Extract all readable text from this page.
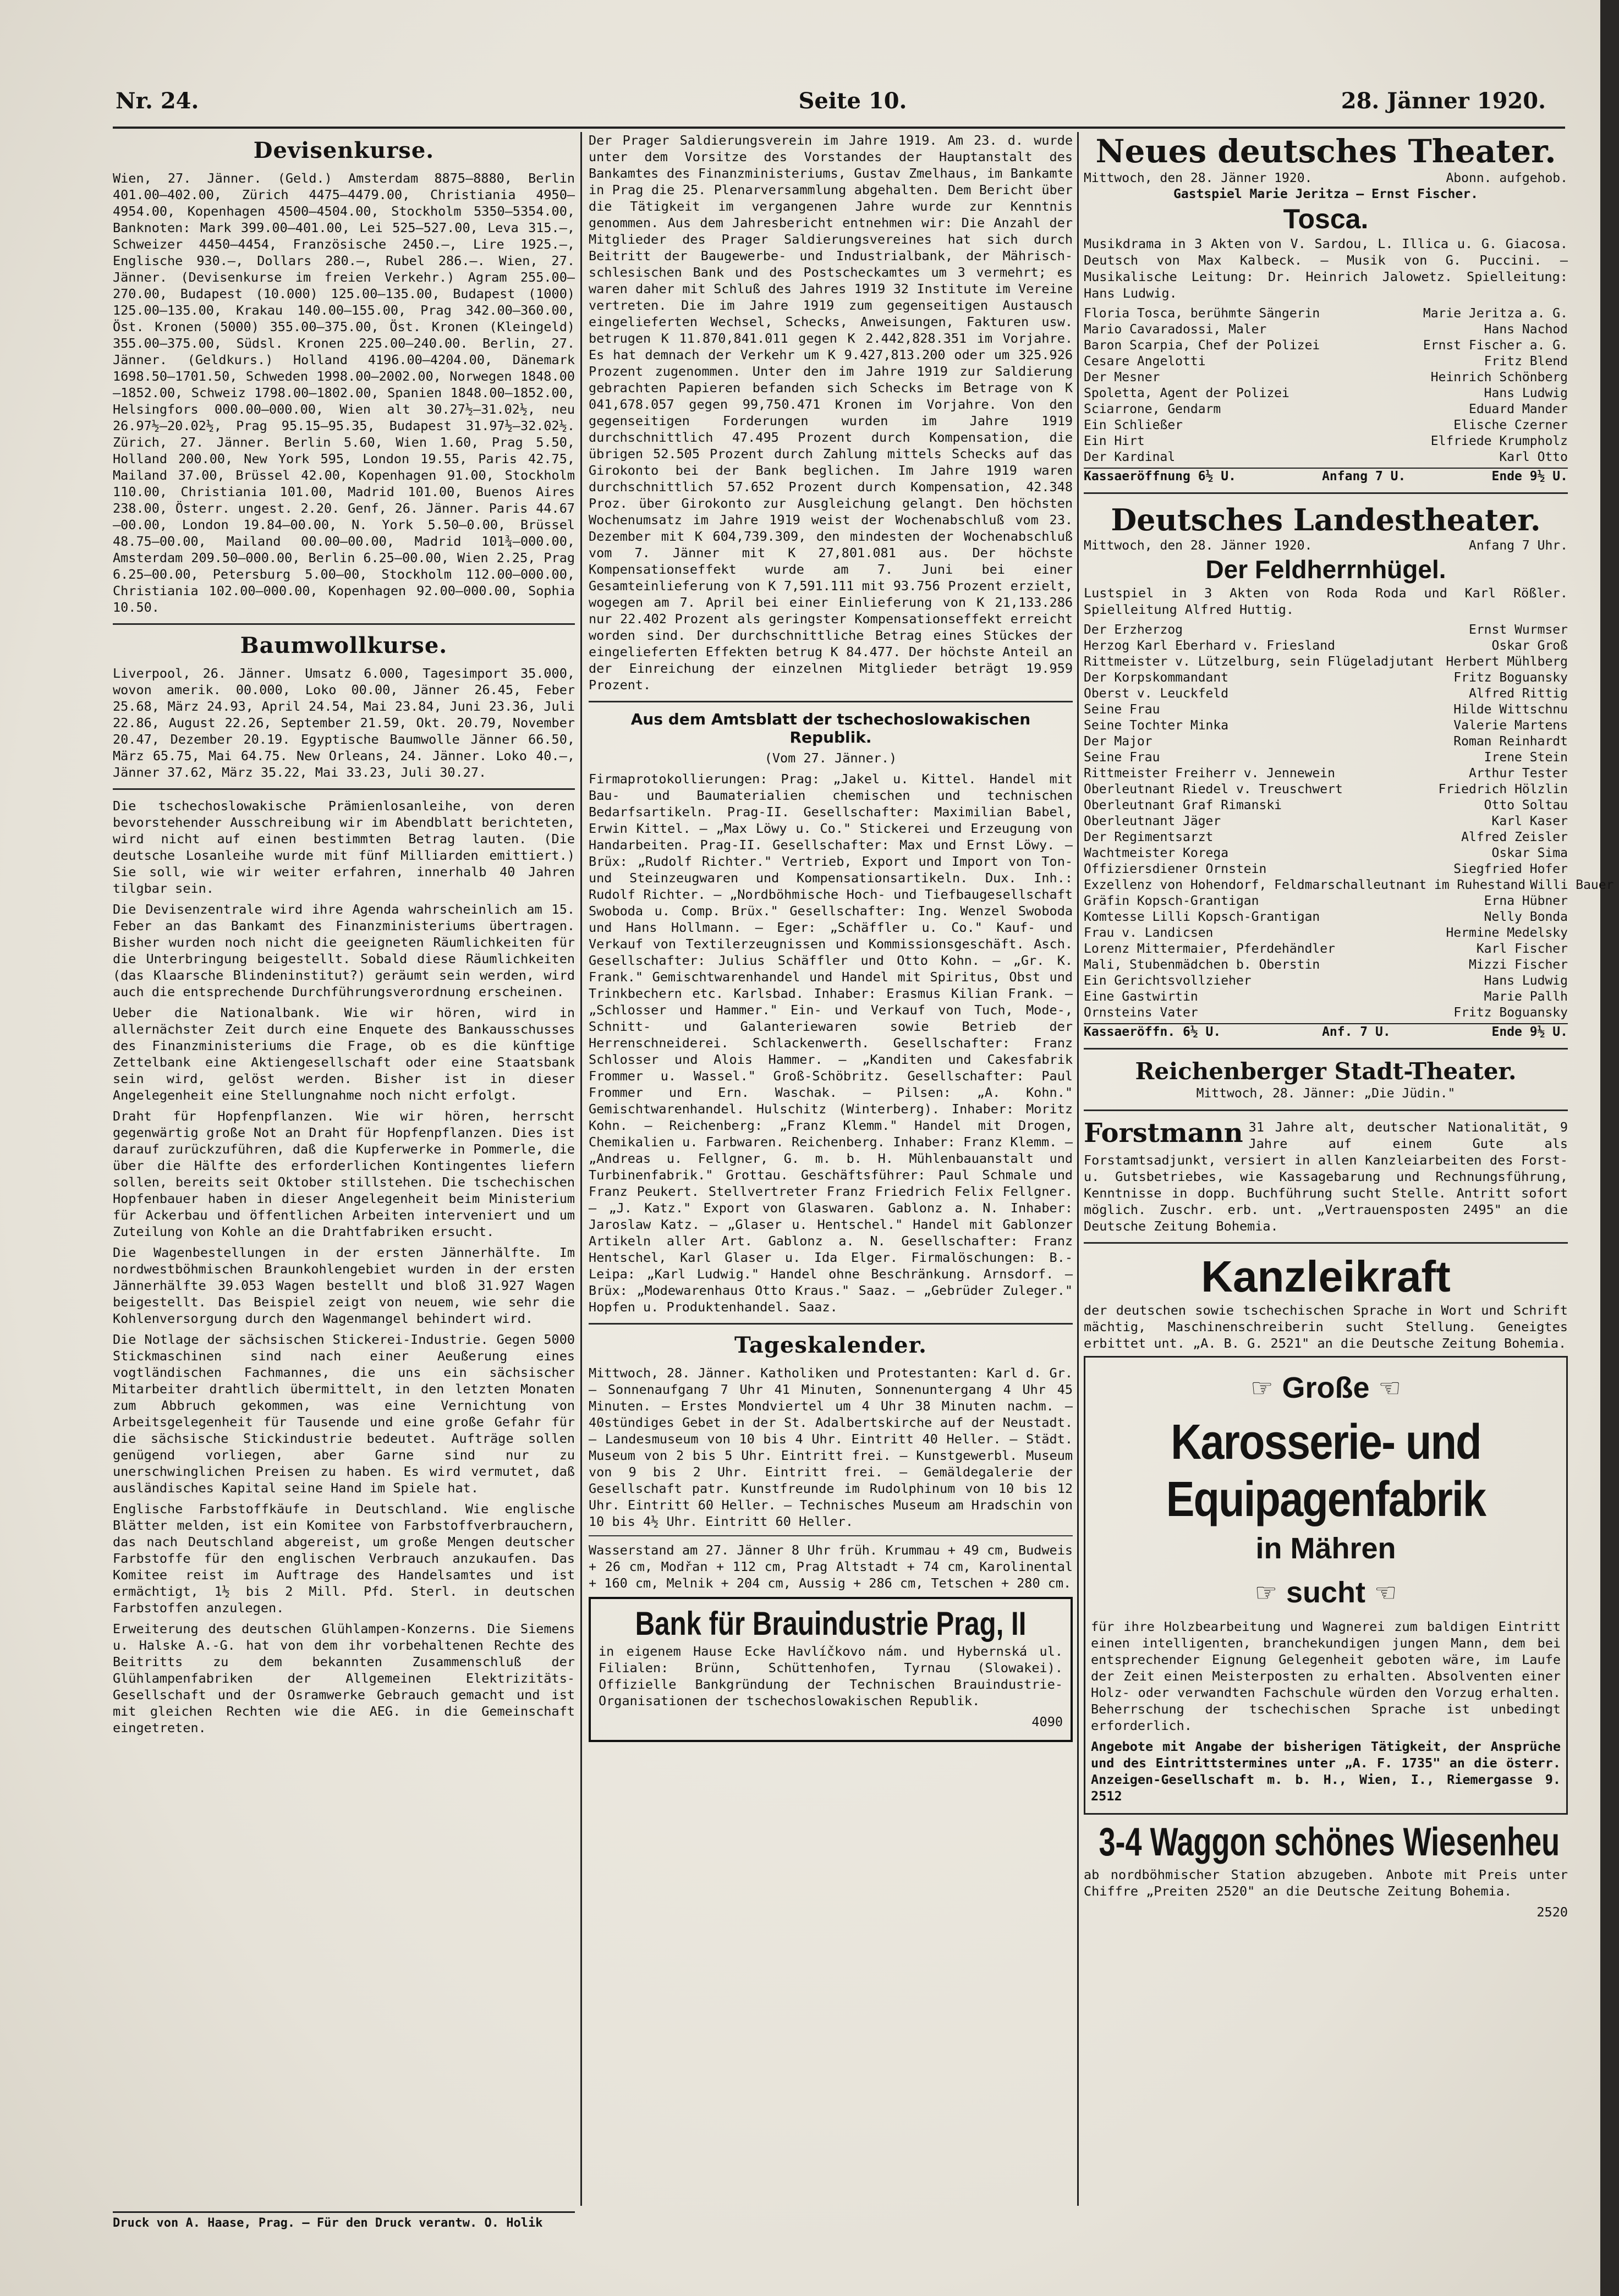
Nr. 24.	Seite 10.	28. Jänner 1920.
Devisenkurse.

Wien, 27. Jänner. (Geld.) Amsterdam 8875—8880, Berlin 401.00—402.00, Zürich 4475—4479.00, Christiania 4950—4954.00, Kopenhagen 4500—4504.00, Stockholm 5350—5354.00, Banknoten: Mark 399.00—401.00, Lei 525—527.00, Leva 315.—, Schweizer 4450—4454, Französische 2450.—, Lire 1925.—, Englische 930.—, Dollars 280.—, Rubel 286.—. Wien, 27. Jänner. (Devisenkurse im freien Verkehr.) Agram 255.00—270.00, Budapest (10.000) 125.00—135.00, Budapest (1000) 125.00—135.00, Krakau 140.00—155.00, Prag 342.00—360.00, Öst. Kronen (5000) 355.00—375.00, Öst. Kronen (Kleingeld) 355.00—375.00, Südsl. Kronen 225.00—240.00. Berlin, 27. Jänner. (Geldkurs.) Holland 4196.00—4204.00, Dänemark 1698.50—1701.50, Schweden 1998.00—2002.00, Norwegen 1848.00—1852.00, Schweiz 1798.00—1802.00, Spanien 1848.00—1852.00, Helsingfors 000.00—000.00, Wien alt 30.27½—31.02½, neu 26.97½—20.02½, Prag 95.15—95.35, Budapest 31.97½—32.02½. Zürich, 27. Jänner. Berlin 5.60, Wien 1.60, Prag 5.50, Holland 200.00, New York 595, London 19.55, Paris 42.75, Mailand 37.00, Brüssel 42.00, Kopenhagen 91.00, Stockholm 110.00, Christiania 101.00, Madrid 101.00, Buenos Aires 238.00, Österr. ungest. 2.20. Genf, 26. Jänner. Paris 44.67—00.00, London 19.84—00.00, N. York 5.50—0.00, Brüssel 48.75—00.00, Mailand 00.00—00.00, Madrid 101¾—000.00, Amsterdam 209.50—000.00, Berlin 6.25—00.00, Wien 2.25, Prag 6.25—00.00, Petersburg 5.00—00, Stockholm 112.00—000.00, Christiania 102.00—000.00, Kopenhagen 92.00—000.00, Sophia 10.50.

Baumwollkurse.

Liverpool, 26. Jänner. Umsatz 6.000, Tagesimport 35.000, wovon amerik. 00.000, Loko 00.00, Jänner 26.45, Feber 25.68, März 24.93, April 24.54, Mai 23.84, Juni 23.36, Juli 22.86, August 22.26, September 21.59, Okt. 20.79, November 20.47, Dezember 20.19. Egyptische Baumwolle Jänner 66.50, März 65.75, Mai 64.75. New Orleans, 24. Jänner. Loko 40.—, Jänner 37.62, März 35.22, Mai 33.23, Juli 30.27.

Die tschechoslowakische Prämienlosanleihe, von deren bevorstehender Ausschreibung wir im Abendblatt berichteten, wird nicht auf einen bestimmten Betrag lauten. (Die deutsche Losanleihe wurde mit fünf Milliarden emittiert.) Sie soll, wie wir weiter erfahren, innerhalb 40 Jahren tilgbar sein.

Die Devisenzentrale wird ihre Agenda wahrscheinlich am 15. Feber an das Bankamt des Finanzministeriums übertragen. Bisher wurden noch nicht die geeigneten Räumlichkeiten für die Unterbringung beigestellt. Sobald diese Räumlichkeiten (das Klaarsche Blindeninstitut?) geräumt sein werden, wird auch die entsprechende Durchführungsverordnung erscheinen.

Ueber die Nationalbank. Wie wir hören, wird in allernächster Zeit durch eine Enquete des Bankausschusses des Finanzministeriums die Frage, ob es die künftige Zettelbank eine Aktiengesellschaft oder eine Staatsbank sein wird, gelöst werden. Bisher ist in dieser Angelegenheit eine Stellungnahme noch nicht erfolgt.

Draht für Hopfenpflanzen. Wie wir hören, herrscht gegenwärtig große Not an Draht für Hopfenpflanzen. Dies ist darauf zurückzuführen, daß die Kupferwerke in Pommerle, die über die Hälfte des erforderlichen Kontingentes liefern sollen, bereits seit Oktober stillstehen. Die tschechischen Hopfenbauer haben in dieser Angelegenheit beim Ministerium für Ackerbau und öffentlichen Arbeiten interveniert und um Zuteilung von Kohle an die Drahtfabriken ersucht.

Die Wagenbestellungen in der ersten Jännerhälfte. Im nordwestböhmischen Braunkohlengebiet wurden in der ersten Jännerhälfte 39.053 Wagen bestellt und bloß 31.927 Wagen beigestellt. Das Beispiel zeigt von neuem, wie sehr die Kohlenversorgung durch den Wagenmangel behindert wird.

Die Notlage der sächsischen Stickerei-Industrie. Gegen 5000 Stickmaschinen sind nach einer Aeußerung eines vogtländischen Fachmannes, die uns ein sächsischer Mitarbeiter drahtlich übermittelt, in den letzten Monaten zum Abbruch gekommen, was eine Vernichtung von Arbeitsgelegenheit für Tausende und eine große Gefahr für die sächsische Stickindustrie bedeutet. Aufträge sollen genügend vorliegen, aber Garne sind nur zu unerschwinglichen Preisen zu haben. Es wird vermutet, daß ausländisches Kapital seine Hand im Spiele hat.

Englische Farbstoffkäufe in Deutschland. Wie englische Blätter melden, ist ein Komitee von Farbstoffverbrauchern, das nach Deutschland abgereist, um große Mengen deutscher Farbstoffe für den englischen Verbrauch anzukaufen. Das Komitee reist im Auftrage des Handelsamtes und ist ermächtigt, 1½ bis 2 Mill. Pfd. Sterl. in deutschen Farbstoffen anzulegen.

Erweiterung des deutschen Glühlampen-Konzerns. Die Siemens u. Halske A.-G. hat von dem ihr vorbehaltenen Rechte des Beitritts zu dem bekannten Zusammenschluß der Glühlampenfabriken der Allgemeinen Elektrizitäts-Gesellschaft und der Osramwerke Gebrauch gemacht und ist mit gleichen Rechten wie die AEG. in die Gemeinschaft eingetreten.

Druck von A. Haase, Prag. — Für den Druck verantw. O. Holik

Der Prager Saldierungsverein im Jahre 1919. Am 23. d. wurde unter dem Vorsitze des Vorstandes der Hauptanstalt des Bankamtes des Finanzministeriums, Gustav Zmelhaus, im Bankamte in Prag die 25. Plenarversammlung abgehalten. Dem Bericht über die Tätigkeit im vergangenen Jahre wurde zur Kenntnis genommen. Aus dem Jahresbericht entnehmen wir: Die Anzahl der Mitglieder des Prager Saldierungsvereines hat sich durch Beitritt der Baugewerbe- und Industrialbank, der Mährisch-schlesischen Bank und des Postscheckamtes um 3 vermehrt; es waren daher mit Schluß des Jahres 1919 32 Institute im Vereine vertreten. Die im Jahre 1919 zum gegenseitigen Austausch eingelieferten Wechsel, Schecks, Anweisungen, Fakturen usw. betrugen K 11.870,841.011 gegen K 2.442,828.351 im Vorjahre. Es hat demnach der Verkehr um K 9.427,813.200 oder um 325.926 Prozent zugenommen. Unter den im Jahre 1919 zur Saldierung gebrachten Papieren befanden sich Schecks im Betrage von K 041,678.057 gegen 99,750.471 Kronen im Vorjahre. Von den gegenseitigen Forderungen wurden im Jahre 1919 durchschnittlich 47.495 Prozent durch Kompensation, die übrigen 52.505 Prozent durch Zahlung mittels Schecks auf das Girokonto bei der Bank beglichen. Im Jahre 1919 waren durchschnittlich 57.652 Prozent durch Kompensation, 42.348 Proz. über Girokonto zur Ausgleichung gelangt. Den höchsten Wochenumsatz im Jahre 1919 weist der Wochenabschluß vom 23. Dezember mit K 604,739.309, den mindesten der Wochenabschluß vom 7. Jänner mit K 27,801.081 aus. Der höchste Kompensationseffekt wurde am 7. Juni bei einer Gesamteinlieferung von K 7,591.111 mit 93.756 Prozent erzielt, wogegen am 7. April bei einer Einlieferung von K 21,133.286 nur 22.402 Prozent als geringster Kompensationseffekt erreicht worden sind. Der durchschnittliche Betrag eines Stückes der eingelieferten Effekten betrug K 84.477. Der höchste Anteil an der Einreichung der einzelnen Mitglieder beträgt 19.959 Prozent.

Aus dem Amtsblatt der tschechoslowakischen Republik.
(Vom 27. Jänner.)

Firmaprotokollierungen: Prag: „Jakel u. Kittel. Handel mit Bau- und Baumaterialien chemischen und technischen Bedarfsartikeln. Prag-II. Gesellschafter: Maximilian Babel, Erwin Kittel. — „Max Löwy u. Co." Stickerei und Erzeugung von Handarbeiten. Prag-II. Gesellschafter: Max und Ernst Löwy. — Brüx: „Rudolf Richter." Vertrieb, Export und Import von Ton- und Steinzeugwaren und Kompensationsartikeln. Dux. Inh.: Rudolf Richter. — „Nordböhmische Hoch- und Tiefbaugesellschaft Swoboda u. Comp. Brüx." Gesellschafter: Ing. Wenzel Swoboda und Hans Hollmann. — Eger: „Schäffler u. Co." Kauf- und Verkauf von Textilerzeugnissen und Kommissionsgeschäft. Asch. Gesellschafter: Julius Schäffler und Otto Kohn. — „Gr. K. Frank." Gemischtwarenhandel und Handel mit Spiritus, Obst und Trinkbechern etc. Karlsbad. Inhaber: Erasmus Kilian Frank. — „Schlosser und Hammer." Ein- und Verkauf von Tuch, Mode-, Schnitt- und Galanteriewaren sowie Betrieb der Herrenschneiderei. Schlackenwerth. Gesellschafter: Franz Schlosser und Alois Hammer. — „Kanditen und Cakesfabrik Frommer u. Wassel." Groß-Schöbritz. Gesellschafter: Paul Frommer und Ern. Waschak. — Pilsen: „A. Kohn." Gemischtwarenhandel. Hulschitz (Winterberg). Inhaber: Moritz Kohn. — Reichenberg: „Franz Klemm." Handel mit Drogen, Chemikalien u. Farbwaren. Reichenberg. Inhaber: Franz Klemm. — „Andreas u. Fellgner, G. m. b. H. Mühlenbauanstalt und Turbinenfabrik." Grottau. Geschäftsführer: Paul Schmale und Franz Peukert. Stellvertreter Franz Friedrich Felix Fellgner. — „J. Katz." Export von Glaswaren. Gablonz a. N. Inhaber: Jaroslaw Katz. — „Glaser u. Hentschel." Handel mit Gablonzer Artikeln aller Art. Gablonz a. N. Gesellschafter: Franz Hentschel, Karl Glaser u. Ida Elger. Firmalöschungen: B.-Leipa: „Karl Ludwig." Handel ohne Beschränkung. Arnsdorf. — Brüx: „Modewarenhaus Otto Kraus." Saaz. — „Gebrüder Zuleger." Hopfen u. Produktenhandel. Saaz.

Tageskalender.

Mittwoch, 28. Jänner. Katholiken und Protestanten: Karl d. Gr. — Sonnenaufgang 7 Uhr 41 Minuten, Sonnenuntergang 4 Uhr 45 Minuten. — Erstes Mondviertel um 4 Uhr 38 Minuten nachm. — 40stündiges Gebet in der St. Adalbertskirche auf der Neustadt. — Landesmuseum von 10 bis 4 Uhr. Eintritt 40 Heller. — Städt. Museum von 2 bis 5 Uhr. Eintritt frei. — Kunstgewerbl. Museum von 9 bis 2 Uhr. Eintritt frei. — Gemäldegalerie der Gesellschaft patr. Kunstfreunde im Rudolphinum von 10 bis 12 Uhr. Eintritt 60 Heller. — Technisches Museum am Hradschin von 10 bis 4½ Uhr. Eintritt 60 Heller.

Wasserstand am 27. Jänner 8 Uhr früh. Krummau + 49 cm, Budweis + 26 cm, Modřan + 112 cm, Prag Altstadt + 74 cm, Karolinental + 160 cm, Melnik + 204 cm, Aussig + 286 cm, Tetschen + 280 cm.

Bank für Brauindustrie Prag, II

in eigenem Hause Ecke Havlíčkovo nám. und Hybernská ul. Filialen: Brünn, Schüttenhofen, Tyrnau (Slowakei). Offizielle Bankgründung der Technischen Brauindustrie-Organisationen der tschechoslowakischen Republik.

4090
Neues deutsches Theater.
Mittwoch, den 28. Jänner 1920.	Abonn. aufgehob.
Gastspiel Marie Jeritza — Ernst Fischer.
Tosca.

Musikdrama in 3 Akten von V. Sardou, L. Illica u. G. Giacosa. Deutsch von Max Kalbeck. — Musik von G. Puccini. — Musikalische Leitung: Dr. Heinrich Jalowetz. Spielleitung: Hans Ludwig.

Floria Tosca, berühmte Sängerin	Marie Jeritza a. G.
Mario Cavaradossi, Maler	Hans Nachod
Baron Scarpia, Chef der Polizei	Ernst Fischer a. G.
Cesare Angelotti	Fritz Blend
Der Mesner	Heinrich Schönberg
Spoletta, Agent der Polizei	Hans Ludwig
Sciarrone, Gendarm	Eduard Mander
Ein Schließer	Elische Czerner
Ein Hirt	Elfriede Krumpholz
Der Kardinal	Karl Otto
Kassaeröffnung 6½ U.	Anfang 7 U.	Ende 9½ U.
Deutsches Landestheater.
Mittwoch, den 28. Jänner 1920.	Anfang 7 Uhr.
Der Feldherrnhügel.

Lustspiel in 3 Akten von Roda Roda und Karl Rößler. Spielleitung Alfred Huttig.

Der Erzherzog	Ernst Wurmser
Herzog Karl Eberhard v. Friesland	Oskar Groß
Rittmeister v. Lützelburg, sein Flügeladjutant Herbert Mühlberg
Der Korpskommandant	Fritz Boguansky
Oberst v. Leuckfeld	Alfred Rittig
Seine Frau	Hilde Wittschnu
Seine Tochter Minka	Valerie Martens
Der Major	Roman Reinhardt
Seine Frau	Irene Stein
Rittmeister Freiherr v. Jennewein	Arthur Tester
Oberleutnant Riedel v. Treuschwert	Friedrich Hölzlin
Oberleutnant Graf Rimanski	Otto Soltau
Oberleutnant Jäger	Karl Kaser
Der Regimentsarzt	Alfred Zeisler
Wachtmeister Korega	Oskar Sima
Offiziersdiener Ornstein	Siegfried Hofer
Exzellenz von Hohendorf, Feldmarschalleutnant im Ruhestand Willi Bauer
Gräfin Kopsch-Grantigan	Erna Hübner
Komtesse Lilli Kopsch-Grantigan	Nelly Bonda
Frau v. Landicsen	Hermine Medelsky
Lorenz Mittermaier, Pferdehändler	Karl Fischer
Mali, Stubenmädchen b. Oberstin	Mizzi Fischer
Ein Gerichtsvollzieher	Hans Ludwig
Eine Gastwirtin	Marie Pallh
Ornsteins Vater	Fritz Boguansky
Kassaeröffn. 6½ U.	Anf. 7 U.	Ende 9½ U.
Reichenberger Stadt-Theater.
Mittwoch, 28. Jänner: „Die Jüdin."
Forstmann 31 Jahre alt, deutscher Nationalität, 9 Jahre auf einem Gute als Forstamtsadjunkt, versiert in allen Kanzleiarbeiten des Forst- u. Gutsbetriebes, wie Kassagebarung und Rechnungsführung, Kenntnisse in dopp. Buchführung sucht Stelle. Antritt sofort möglich. Zuschr. erb. unt. „Vertrauensposten 2495" an die Deutsche Zeitung Bohemia.

Kanzleikraft

der deutschen sowie tschechischen Sprache in Wort und Schrift mächtig, Maschinenschreiberin sucht Stellung. Geneigtes erbittet unt. „A. B. G. 2521" an die Deutsche Zeitung Bohemia.

☞ Große ☜
Karosserie- und
Equipagenfabrik
in Mähren
☞ sucht ☜

für ihre Holzbearbeitung und Wagnerei zum baldigen Eintritt einen intelligenten, branchekundigen jungen Mann, dem bei entsprechender Eignung Gelegenheit geboten wäre, im Laufe der Zeit einen Meisterposten zu erhalten. Absolventen einer Holz- oder verwandten Fachschule würden den Vorzug erhalten. Beherrschung der tschechischen Sprache ist unbedingt erforderlich.

Angebote mit Angabe der bisherigen Tätigkeit, der Ansprüche und des Eintrittstermines unter „A. F. 1735" an die österr. Anzeigen-Gesellschaft m. b. H., Wien, I., Riemergasse 9. 2512

3-4 Waggon schönes Wiesenheu

ab nordböhmischer Station abzugeben. Anbote mit Preis unter Chiffre „Preiten 2520" an die Deutsche Zeitung Bohemia.

2520
